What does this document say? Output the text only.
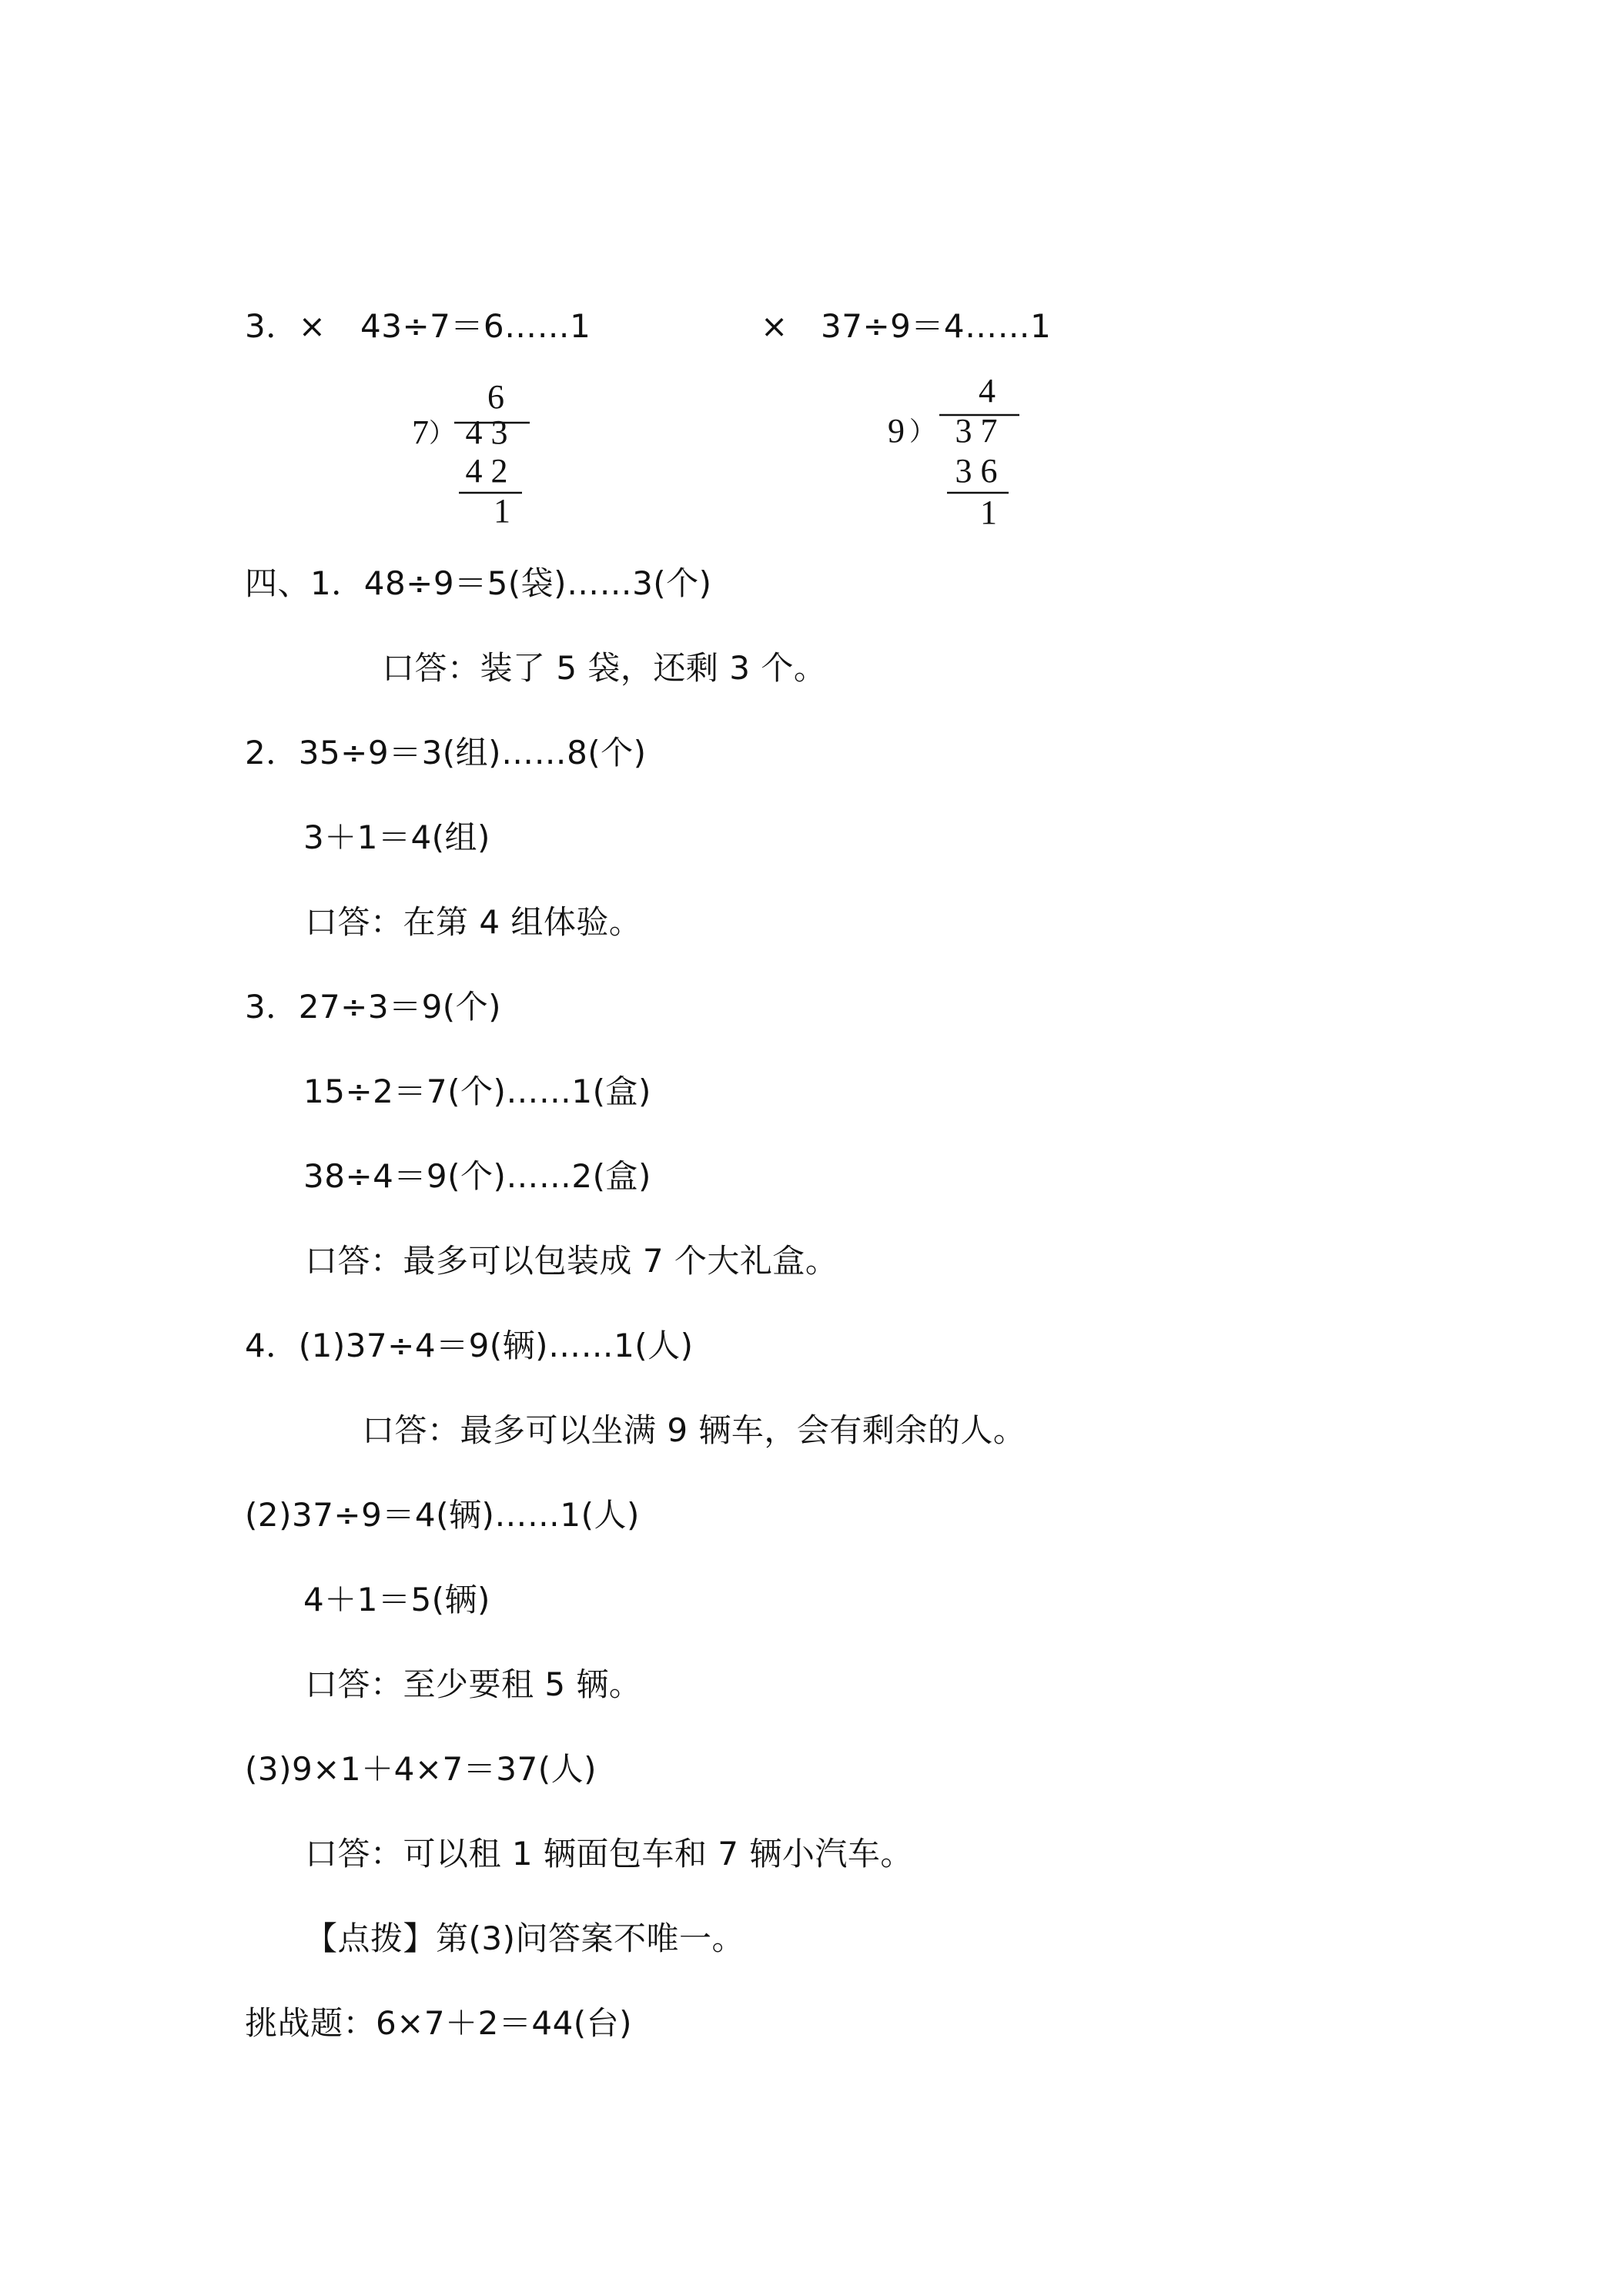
3．× 43÷7＝6……1	× 37÷9＝4……1
6
7 ） 4 3
4 2
1
4
9 ） 3 7
3 6
1
四、1．48÷9＝5(袋)……3(个)
口答：装了 5 袋，还剩 3 个。
2．35÷9＝3(组)……8(个)
3＋1＝4(组)
口答：在第 4 组体验。
3．27÷3＝9(个)
15÷2＝7(个)……1(盒)
38÷4＝9(个)……2(盒)
口答：最多可以包装成 7 个大礼盒。
4．(1)37÷4＝9(辆)……1(人)
口答：最多可以坐满 9 辆车，会有剩余的人。
(2)37÷9＝4(辆)……1(人)
4＋1＝5(辆)
口答：至少要租 5 辆。
(3)9×1＋4×7＝37(人)
口答：可以租 1 辆面包车和 7 辆小汽车。
【点拨】第(3)问答案不唯一。
挑战题：6×7＋2＝44(台)
